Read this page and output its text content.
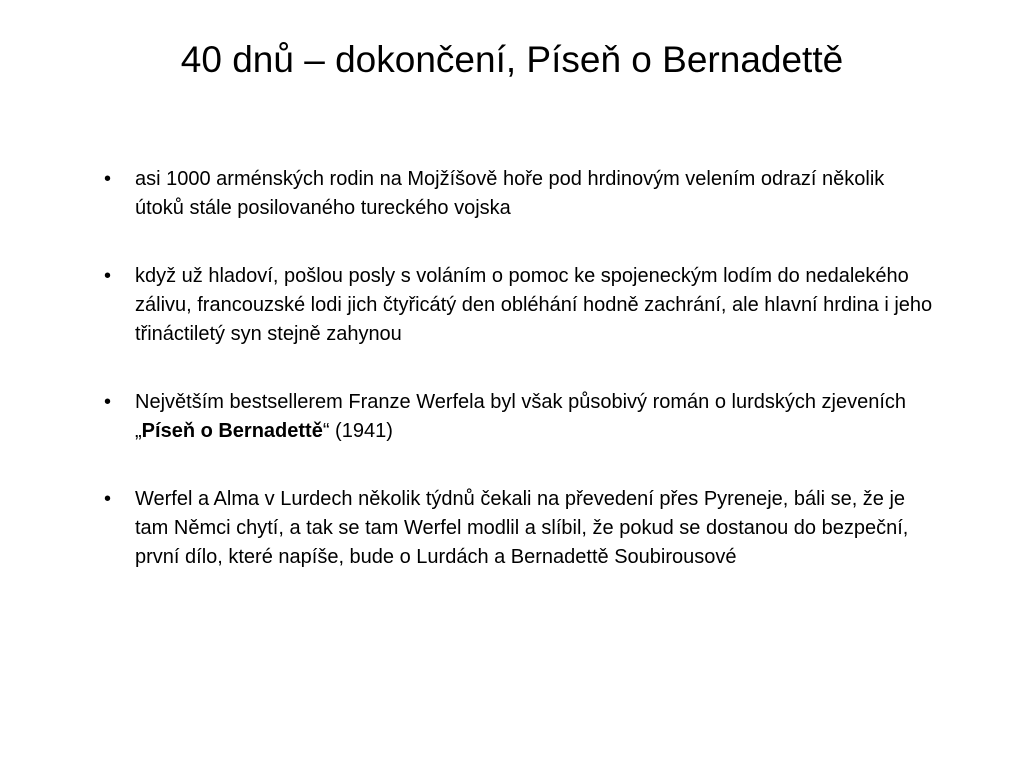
40 dnů – dokončení, Píseň o Bernadettě
• asi 1000 arménských rodin na Mojžíšově hoře pod hrdinovým velením odrazí několik útoků stále posilovaného tureckého vojska
• když už hladoví, pošlou posly s voláním o pomoc ke spojeneckým lodím do nedalekého zálivu, francouzské lodi jich čtyřicátý den obléhání hodně zachrání, ale hlavní hrdina i jeho třináctiletý syn stejně zahynou
• Největším bestsellerem Franze Werfela byl však působivý román o lurdských zjeveních „Píseň o Bernadettě“ (1941)
• Werfel a Alma v Lurdech několik týdnů čekali na převedení přes Pyreneje, báli se, že je tam Němci chytí, a tak se tam Werfel modlil a slíbil, že pokud se dostanou do bezpeční, první dílo, které napíše, bude o Lurdách a Bernadettě Soubirousové
